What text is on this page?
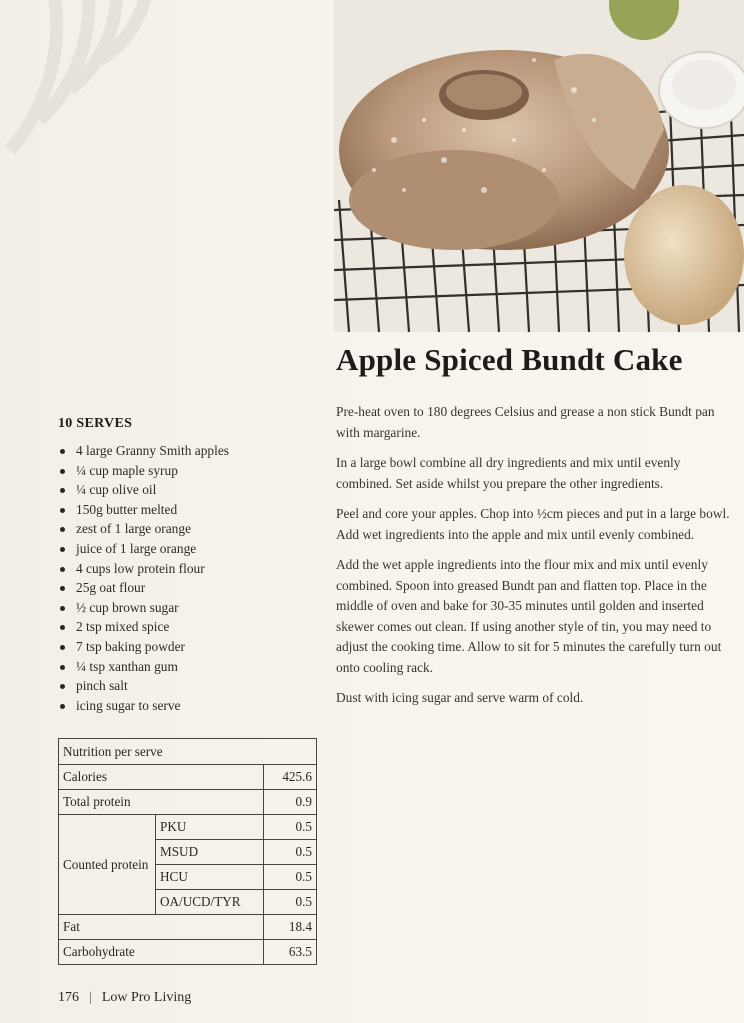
Apple Spiced Bundt Cake

Pre-heat oven to 180 degrees Celsius and grease a non stick Bundt pan with margarine.

In a large bowl combine all dry ingredients and mix until evenly combined. Set aside whilst you prepare the other ingredients.

Peel and core your apples. Chop into ½cm pieces and put in a large bowl. Add wet ingredients into the apple and mix until evenly combined.

Add the wet apple ingredients into the flour mix and mix until evenly combined. Spoon into greased Bundt pan and flatten top. Place in the middle of oven and bake for 30-35 minutes until golden and inserted skewer comes out clean. If using another style of tin, you may need to adjust the cooking time. Allow to sit for 5 minutes the carefully turn out onto cooling rack.

Dust with icing sugar and serve warm of cold.

10 SERVES
4 large Granny Smith apples
¼ cup maple syrup
¼ cup olive oil
150g butter melted
zest of 1 large orange
juice of 1 large orange
4 cups low protein flour
25g oat flour
½ cup brown sugar
2 tsp mixed spice
7 tsp baking powder
¼ tsp xanthan gum
pinch salt
icing sugar to serve
Nutrition per serve		
Calories		425.6
Total protein		0.9
Counted protein	PKU	0.5
	MSUD	0.5
	HCU	0.5
	OA/UCD/TYR	0.5
Fat		18.4
Carbohydrate		63.5
176 | Low Pro Living
